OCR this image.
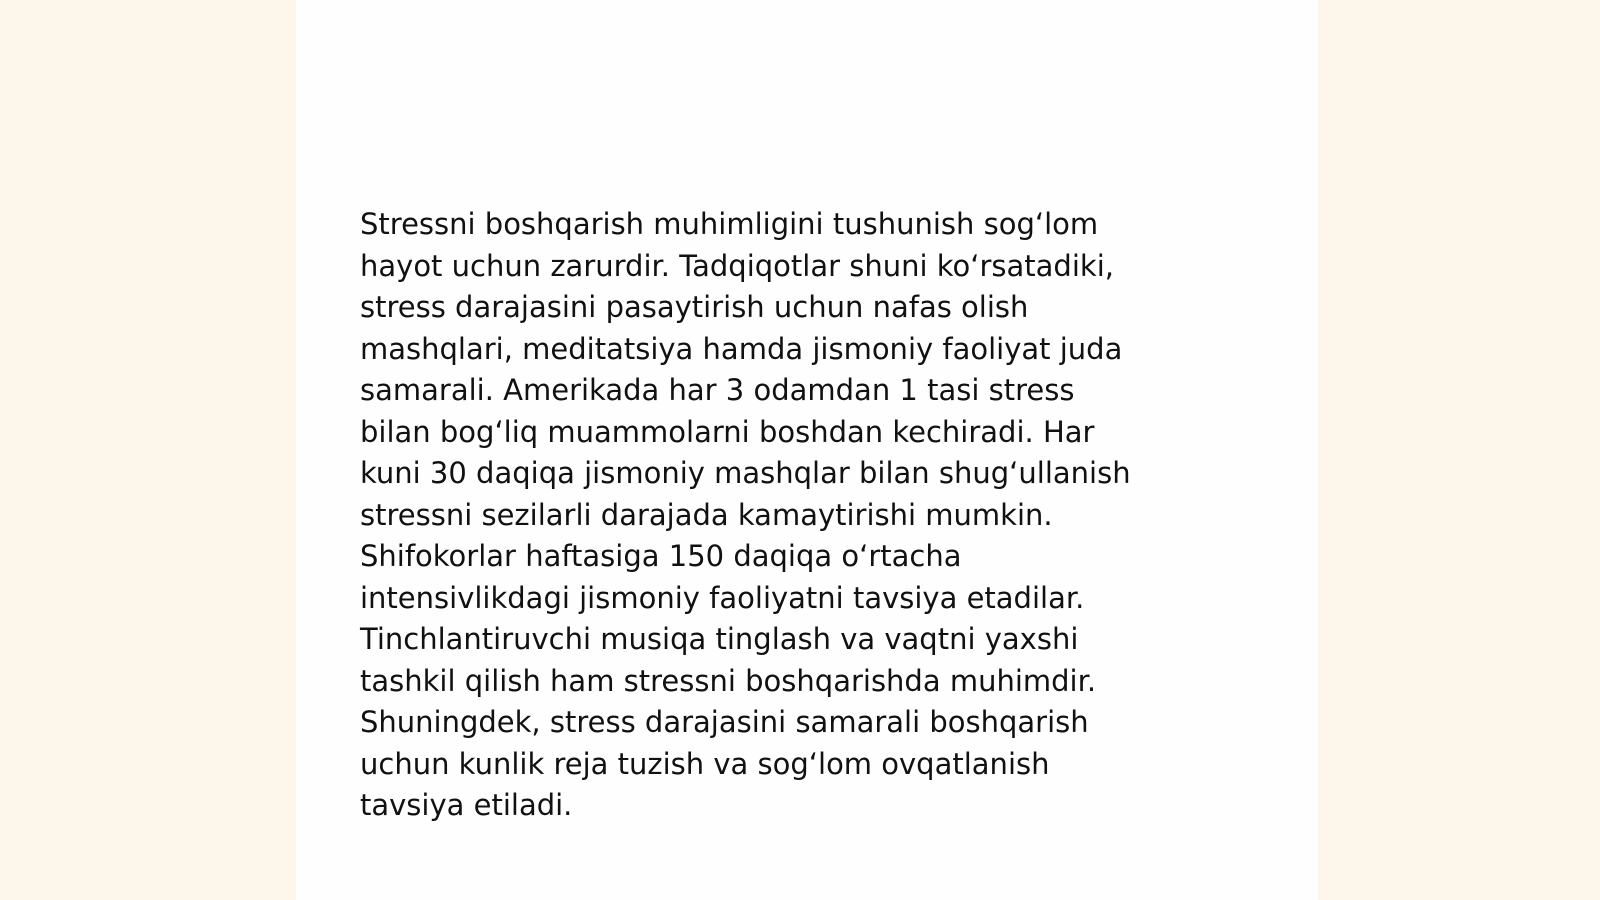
Stressni boshqarish muhimligini tushunish sog‘lom
hayot uchun zarurdir. Tadqiqotlar shuni ko‘rsatadiki,
stress darajasini pasaytirish uchun nafas olish
mashqlari, meditatsiya hamda jismoniy faoliyat juda
samarali. Amerikada har 3 odamdan 1 tasi stress
bilan bog‘liq muammolarni boshdan kechiradi. Har
kuni 30 daqiqa jismoniy mashqlar bilan shug‘ullanish
stressni sezilarli darajada kamaytirishi mumkin.
Shifokorlar haftasiga 150 daqiqa o‘rtacha
intensivlikdagi jismoniy faoliyatni tavsiya etadilar.
Tinchlantiruvchi musiqa tinglash va vaqtni yaxshi
tashkil qilish ham stressni boshqarishda muhimdir.
Shuningdek, stress darajasini samarali boshqarish
uchun kunlik reja tuzish va sog‘lom ovqatlanish
tavsiya etiladi.
